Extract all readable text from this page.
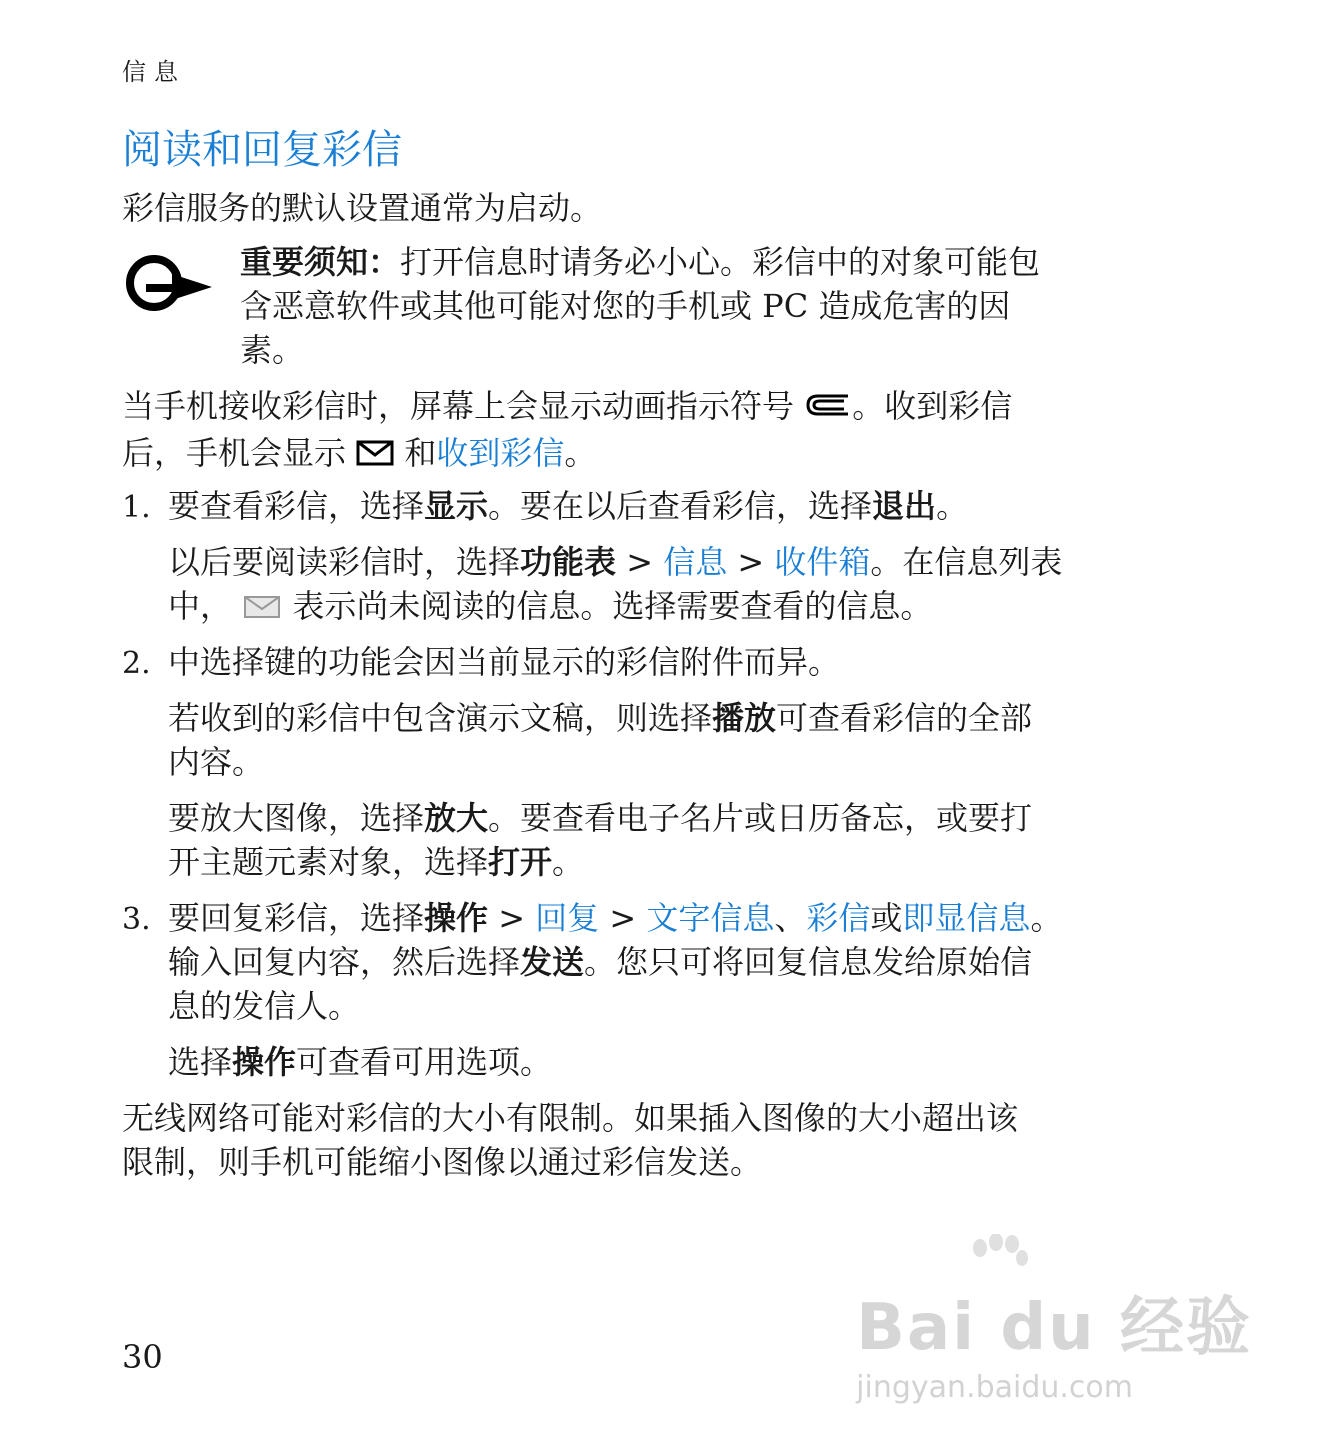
信息
阅读和回复彩信
彩信服务的默认设置通常为启动。
重要须知：打开信息时请务必小心。彩信中的对象可能包
含恶意软件或其他可能对您的手机或 PC 造成危害的因
素。
当手机接收彩信时，屏幕上会显示动画指示符号 。收到彩信
后，手机会显示 和收到彩信。
1. 要查看彩信，选择显示。要在以后查看彩信，选择退出。
以后要阅读彩信时，选择功能表 > 信息 > 收件箱。在信息列表
中， 表示尚未阅读的信息。选择需要查看的信息。
2. 中选择键的功能会因当前显示的彩信附件而异。
若收到的彩信中包含演示文稿，则选择播放可查看彩信的全部
内容。
要放大图像，选择放大。要查看电子名片或日历备忘，或要打
开主题元素对象，选择打开。
3. 要回复彩信，选择操作 > 回复 > 文字信息、彩信或即显信息。
输入回复内容，然后选择发送。您只可将回复信息发给原始信
息的发信人。
选择操作可查看可用选项。
无线网络可能对彩信的大小有限制。如果插入图像的大小超出该
限制，则手机可能缩小图像以通过彩信发送。
Bai du 经验
jingyan.baidu.com
30
